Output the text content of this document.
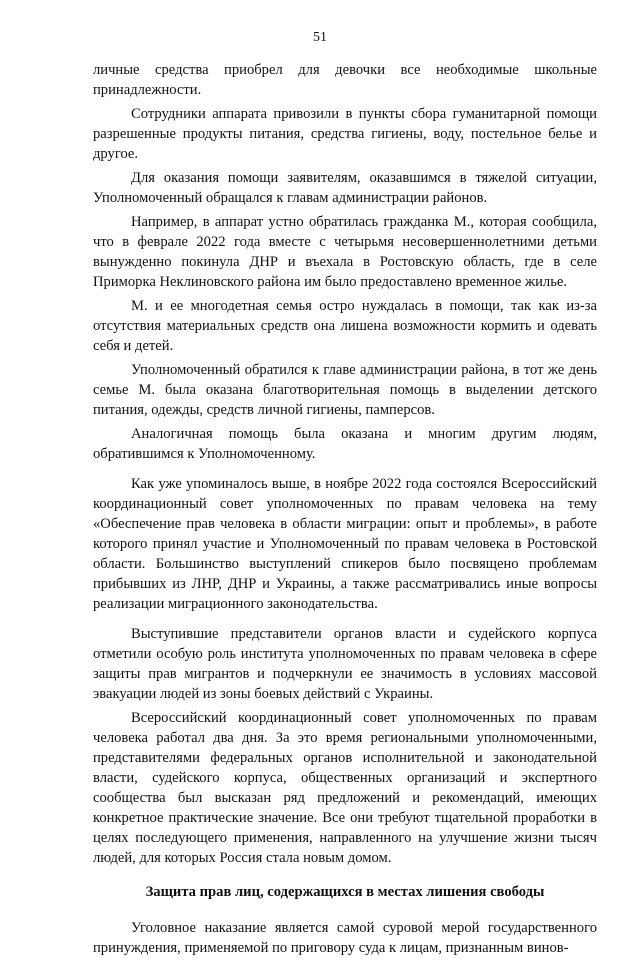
51

личные средства приобрел для девочки все необходимые школьные принадлежности.

Сотрудники аппарата привозили в пункты сбора гуманитарной помощи разрешенные продукты питания, средства гигиены, воду, постельное белье и другое.

Для оказания помощи заявителям, оказавшимся в тяжелой ситуации, Уполномоченный обращался к главам администрации районов.

Например, в аппарат устно обратилась гражданка М., которая сообщила, что в феврале 2022 года вместе с четырьмя несовершеннолетними детьми вынужденно покинула ДНР и въехала в Ростовскую область, где в селе Приморка Неклиновского района им было предоставлено временное жилье.

М. и ее многодетная семья остро нуждалась в помощи, так как из-за отсутствия материальных средств она лишена возможности кормить и одевать себя и детей.

Уполномоченный обратился к главе администрации района, в тот же день семье М. была оказана благотворительная помощь в выделении детского питания, одежды, средств личной гигиены, памперсов.

Аналогичная помощь была оказана и многим другим людям, обратившимся к Уполномоченному.

Как уже упоминалось выше, в ноябре 2022 года состоялся Всероссийский координационный совет уполномоченных по правам человека на тему «Обеспечение прав человека в области миграции: опыт и проблемы», в работе которого принял участие и Уполномоченный по правам человека в Ростовской области. Большинство выступлений спикеров было посвящено проблемам прибывших из ЛНР, ДНР и Украины, а также рассматривались иные вопросы реализации миграционного законодательства.

Выступившие представители органов власти и судейского корпуса отметили особую роль института уполномоченных по правам человека в сфере защиты прав мигрантов и подчеркнули ее значимость в условиях массовой эвакуации людей из зоны боевых действий с Украины.

Всероссийский координационный совет уполномоченных по правам человека работал два дня. За это время региональными уполномоченными, представителями федеральных органов исполнительной и законодательной власти, судейского корпуса, общественных организаций и экспертного сообщества был высказан ряд предложений и рекомендаций, имеющих конкретное практические значение. Все они требуют тщательной проработки в целях последующего применения, направленного на улучшение жизни тысяч людей, для которых Россия стала новым домом.

Защита прав лиц, содержащихся в местах лишения свободы

Уголовное наказание является самой суровой мерой государственного принуждения, применяемой по приговору суда к лицам, признанным винов-
